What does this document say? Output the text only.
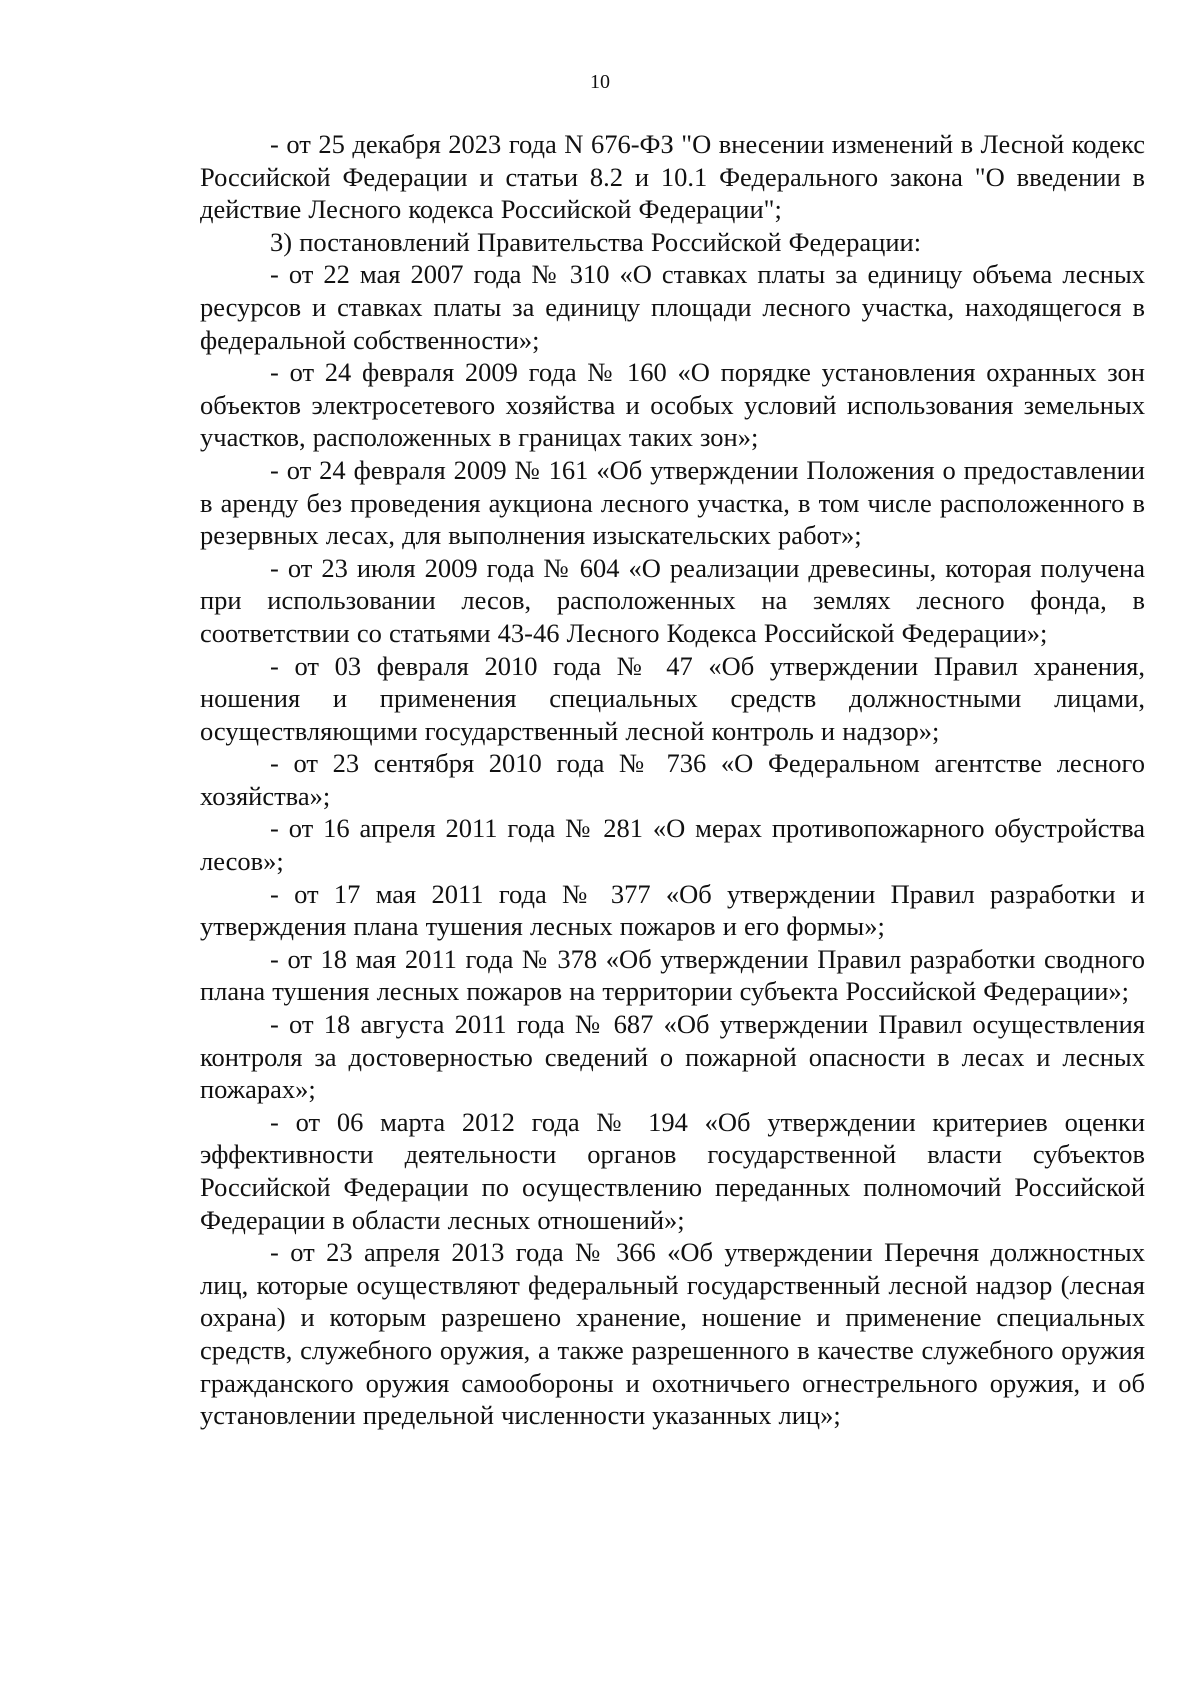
10

- от 25 декабря 2023 года N 676-ФЗ "О внесении изменений в Лесной кодекс Российской Федерации и статьи 8.2 и 10.1 Федерального закона "О введении в действие Лесного кодекса Российской Федерации";

3) постановлений Правительства Российской Федерации:

- от 22 мая 2007 года № 310 «О ставках платы за единицу объема лесных ресурсов и ставках платы за единицу площади лесного участка, находящегося в федеральной собственности»;

- от 24 февраля 2009 года № 160 «О порядке установления охранных зон объектов электросетевого хозяйства и особых условий использования земельных участков, расположенных в границах таких зон»;

- от 24 февраля 2009 № 161 «Об утверждении Положения о предоставлении в аренду без проведения аукциона лесного участка, в том числе расположенного в резервных лесах, для выполнения изыскательских работ»;

- от 23 июля 2009 года № 604 «О реализации древесины, которая получена при использовании лесов, расположенных на землях лесного фонда, в соответствии со статьями 43-46 Лесного Кодекса Российской Федерации»;

- от 03 февраля 2010 года № 47 «Об утверждении Правил хранения, ношения и применения специальных средств должностными лицами, осуществляющими государственный лесной контроль и надзор»;

- от 23 сентября 2010 года № 736 «О Федеральном агентстве лесного хозяйства»;

- от 16 апреля 2011 года № 281 «О мерах противопожарного обустройства лесов»;

- от 17 мая 2011 года № 377 «Об утверждении Правил разработки и утверждения плана тушения лесных пожаров и его формы»;

- от 18 мая 2011 года № 378 «Об утверждении Правил разработки сводного плана тушения лесных пожаров на территории субъекта Российской Федерации»;

- от 18 августа 2011 года № 687 «Об утверждении Правил осуществления контроля за достоверностью сведений о пожарной опасности в лесах и лесных пожарах»;

- от 06 марта 2012 года № 194 «Об утверждении критериев оценки эффективности деятельности органов государственной власти субъектов Российской Федерации по осуществлению переданных полномочий Российской Федерации в области лесных отношений»;

- от 23 апреля 2013 года № 366 «Об утверждении Перечня должностных лиц, которые осуществляют федеральный государственный лесной надзор (лесная охрана) и которым разрешено хранение, ношение и применение специальных средств, служебного оружия, а также разрешенного в качестве служебного оружия гражданского оружия самообороны и охотничьего огнестрельного оружия, и об установлении предельной численности указанных лиц»;
